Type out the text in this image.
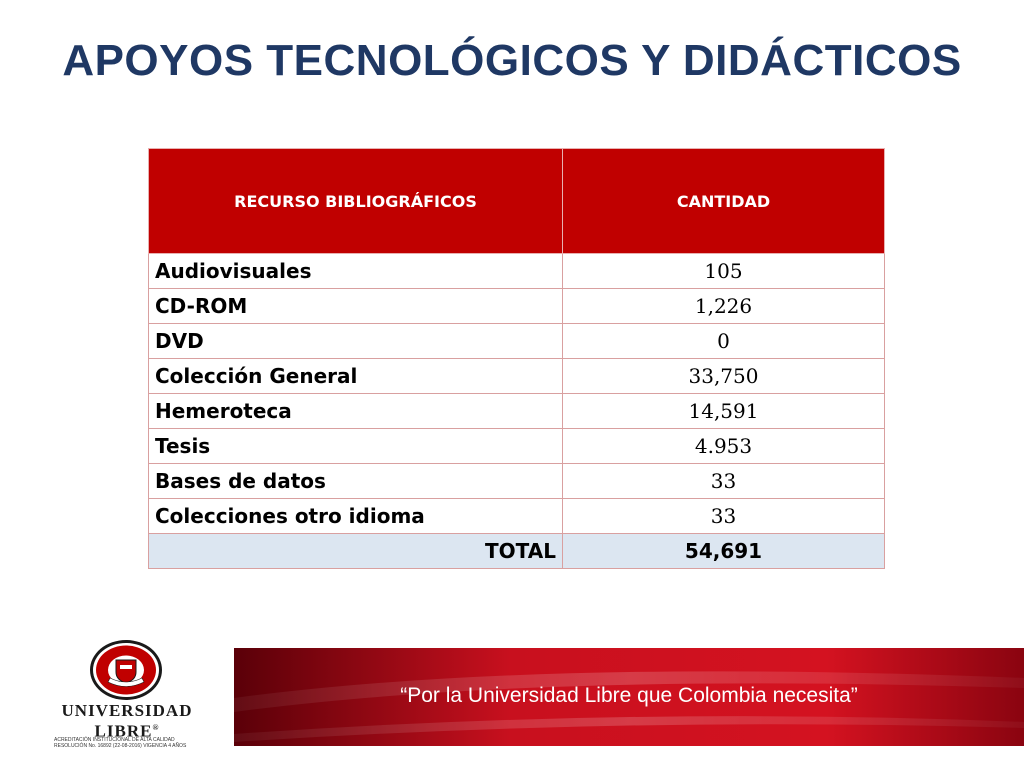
APOYOS TECNOLÓGICOS Y DIDÁCTICOS
RECURSO BIBLIOGRÁFICOS	CANTIDAD
Audiovisuales	105
CD-ROM	1,226
DVD	0
Colección General	33,750
Hemeroteca	14,591
Tesis	4.953
Bases de datos	33
Colecciones otro idioma	33
TOTAL	54,691
UNIVERSIDAD
LIBRE®
ACREDITACIÓN INSTITUCIONAL DE ALTA CALIDAD
RESOLUCIÓN No. 16892 (22-08-2016) VIGENCIA 4 AÑOS
“Por la Universidad Libre que Colombia necesita”
